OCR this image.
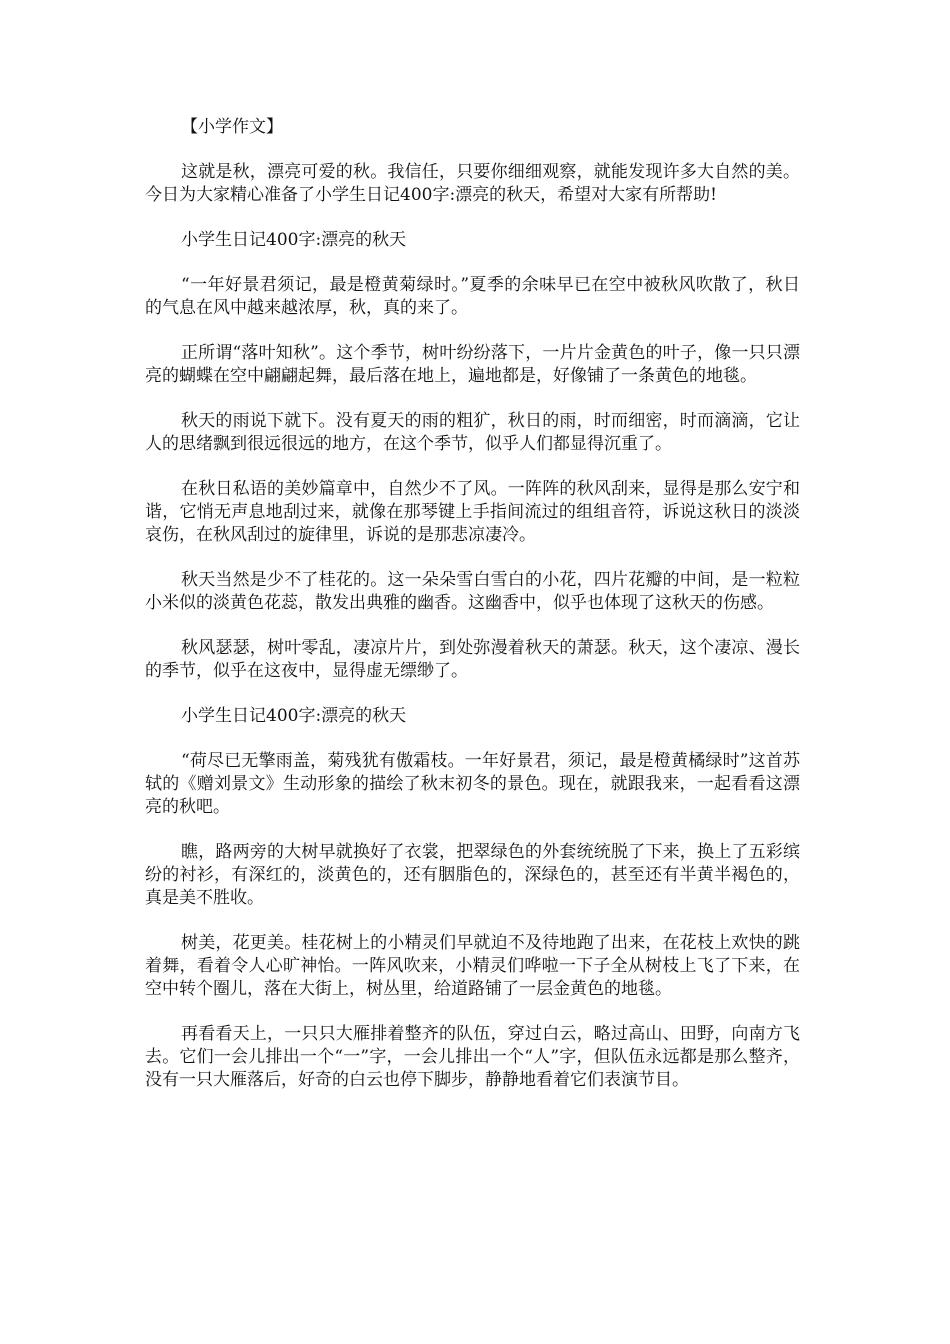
【小学作文】

这就是秋，漂亮可爱的秋。我信任，只要你细细观察，就能发现许多大自然的美。今日为大家精心准备了小学生日记400字:漂亮的秋天，希望对大家有所帮助!

小学生日记400字:漂亮的秋天

“一年好景君须记，最是橙黄菊绿时。”夏季的余味早已在空中被秋风吹散了，秋日的气息在风中越来越浓厚，秋，真的来了。

正所谓“落叶知秋”。这个季节，树叶纷纷落下，一片片金黄色的叶子，像一只只漂亮的蝴蝶在空中翩翩起舞，最后落在地上，遍地都是，好像铺了一条黄色的地毯。

秋天的雨说下就下。没有夏天的雨的粗犷，秋日的雨，时而细密，时而滴滴，它让人的思绪飘到很远很远的地方，在这个季节，似乎人们都显得沉重了。

在秋日私语的美妙篇章中，自然少不了风。一阵阵的秋风刮来，显得是那么安宁和谐，它悄无声息地刮过来，就像在那琴键上手指间流过的组组音符，诉说这秋日的淡淡哀伤，在秋风刮过的旋律里，诉说的是那悲凉凄冷。

秋天当然是少不了桂花的。这一朵朵雪白雪白的小花，四片花瓣的中间，是一粒粒小米似的淡黄色花蕊，散发出典雅的幽香。这幽香中，似乎也体现了这秋天的伤感。

秋风瑟瑟，树叶零乱，凄凉片片，到处弥漫着秋天的萧瑟。秋天，这个凄凉、漫长的季节，似乎在这夜中，显得虚无缥缈了。

小学生日记400字:漂亮的秋天

“荷尽已无擎雨盖，菊残犹有傲霜枝。一年好景君，须记，最是橙黄橘绿时”这首苏轼的《赠刘景文》生动形象的描绘了秋末初冬的景色。现在，就跟我来，一起看看这漂亮的秋吧。

瞧，路两旁的大树早就换好了衣裳，把翠绿色的外套统统脱了下来，换上了五彩缤纷的衬衫，有深红的，淡黄色的，还有胭脂色的，深绿色的，甚至还有半黄半褐色的，真是美不胜收。

树美，花更美。桂花树上的小精灵们早就迫不及待地跑了出来，在花枝上欢快的跳着舞，看着令人心旷神怡。一阵风吹来，小精灵们哗啦一下子全从树枝上飞了下来，在空中转个圈儿，落在大街上，树丛里，给道路铺了一层金黄色的地毯。

再看看天上，一只只大雁排着整齐的队伍，穿过白云，略过高山、田野，向南方飞去。它们一会儿排出一个“一”字，一会儿排出一个“人”字，但队伍永远都是那么整齐，没有一只大雁落后，好奇的白云也停下脚步，静静地看着它们表演节目。
